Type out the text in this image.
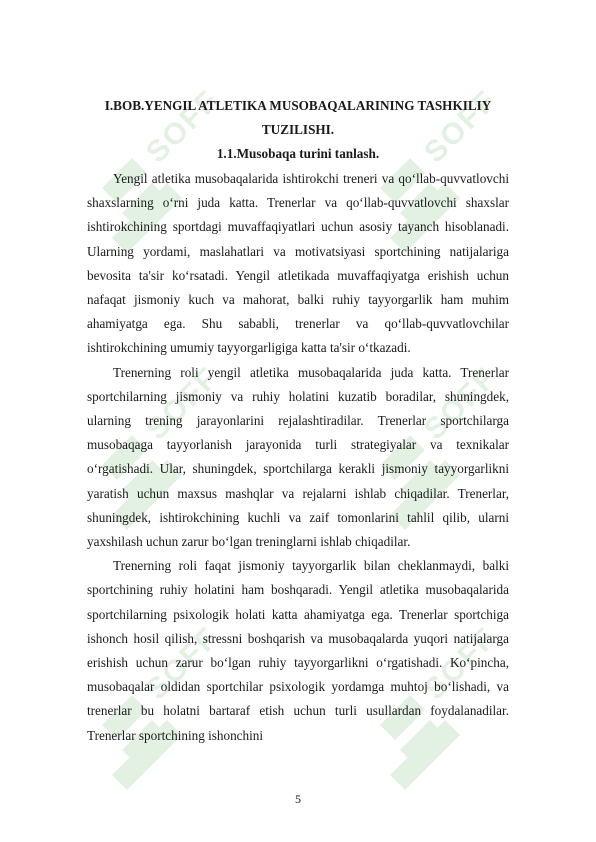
SOFF	SOFF
SOFF	SOFF
SOFF	SOFF
I.BOB.YENGIL ATLETIKA MUSOBAQALARINING TASHKILIY
TUZILISHI.
1.1.Musobaqa turini tanlash.

Yengil atletika musobaqalarida ishtirokchi treneri va qo‘llab-quvvatlovchi shaxslarning o‘rni juda katta. Trenerlar va qo‘llab-quvvatlovchi shaxslar ishtirokchining sportdagi muvaffaqiyatlari uchun asosiy tayanch hisoblanadi. Ularning yordami, maslahatlari va motivatsiyasi sportchining natijalariga bevosita ta'sir ko‘rsatadi. Yengil atletikada muvaffaqiyatga erishish uchun nafaqat jismoniy kuch va mahorat, balki ruhiy tayyorgarlik ham muhim ahamiyatga ega. Shu sababli, trenerlar va qo‘llab-quvvatlovchilar ishtirokchining umumiy tayyorgarligiga katta ta'sir o‘tkazadi.

Trenerning roli yengil atletika musobaqalarida juda katta. Trenerlar sportchilarning jismoniy va ruhiy holatini kuzatib boradilar, shuningdek, ularning trening jarayonlarini rejalashtiradilar. Trenerlar sportchilarga musobaqaga tayyorlanish jarayonida turli strategiyalar va texnikalar o‘rgatishadi. Ular, shuningdek, sportchilarga kerakli jismoniy tayyorgarlikni yaratish uchun maxsus mashqlar va rejalarni ishlab chiqadilar. Trenerlar, shuningdek, ishtirokchining kuchli va zaif tomonlarini tahlil qilib, ularni yaxshilash uchun zarur bo‘lgan treninglarni ishlab chiqadilar.

Trenerning roli faqat jismoniy tayyorgarlik bilan cheklanmaydi, balki sportchining ruhiy holatini ham boshqaradi. Yengil atletika musobaqalarida sportchilarning psixologik holati katta ahamiyatga ega. Trenerlar sportchiga ishonch hosil qilish, stressni boshqarish va musobaqalarda yuqori natijalarga erishish uchun zarur bo‘lgan ruhiy tayyorgarlikni o‘rgatishadi. Ko‘pincha, musobaqalar oldidan sportchilar psixologik yordamga muhtoj bo‘lishadi, va trenerlar bu holatni bartaraf etish uchun turli usullardan foydalanadilar. Trenerlar sportchining ishonchini

5
